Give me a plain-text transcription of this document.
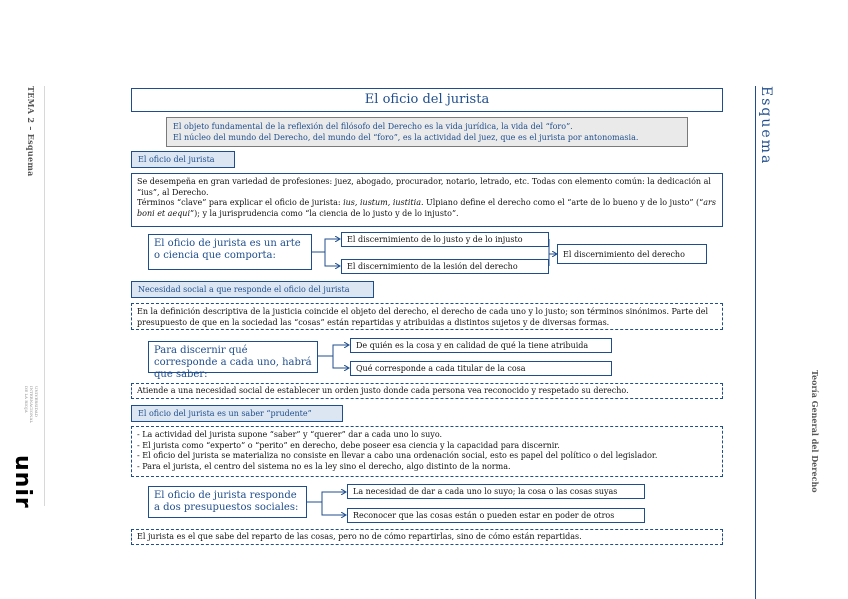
TEMA 2 – Esquema
UNIVERSIDAD
INTERNACIONAL
DE LA RIOJA
unir
Esquema
Teoría General del Derecho
El oficio del jurista
El objeto fundamental de la reflexión del filósofo del Derecho es la vida jurídica, la vida del “foro”.
El núcleo del mundo del Derecho, del mundo del “foro”, es la actividad del juez, que es el jurista por antonomasia.
El oficio del jurista

Se desempeña en gran variedad de profesiones: juez, abogado, procurador, notario, letrado, etc. Todas con elemento común: la dedicación al “ius”, al Derecho.

Términos “clave” para explicar el oficio de jurista: ius, iustum, iustitia. Ulpiano define el derecho como el “arte de lo bueno y de lo justo” (“ars boni et aequi”); y la jurisprudencia como “la ciencia de lo justo y de lo injusto”.

El oficio de jurista es un arte o ciencia que comporta:
El discernimiento de lo justo y de lo injusto
El discernimiento de la lesión del derecho
El discernimiento del derecho
Necesidad social a que responde el oficio del jurista
En la definición descriptiva de la justicia coincide el objeto del derecho, el derecho de cada uno y lo justo; son términos sinónimos. Parte del presupuesto de que en la sociedad las “cosas” están repartidas y atribuidas a distintos sujetos y de diversas formas.
Para discernir qué corresponde a cada uno, habrá que saber:
De quién es la cosa y en calidad de qué la tiene atribuida
Qué corresponde a cada titular de la cosa
Atiende a una necesidad social de establecer un orden justo donde cada persona vea reconocido y respetado su derecho.
El oficio del jurista es un saber “prudente”

- La actividad del jurista supone “saber” y “querer” dar a cada uno lo suyo.

- El jurista como “experto” o “perito” en derecho, debe poseer esa ciencia y la capacidad para discernir.

- El oficio del jurista se materializa no consiste en llevar a cabo una ordenación social, esto es papel del político o del legislador.

- Para el jurista, el centro del sistema no es la ley sino el derecho, algo distinto de la norma.

El oficio de jurista responde a dos presupuestos sociales:
La necesidad de dar a cada uno lo suyo; la cosa o las cosas suyas
Reconocer que las cosas están o pueden estar en poder de otros
El jurista es el que sabe del reparto de las cosas, pero no de cómo repartirlas, sino de cómo están repartidas.
